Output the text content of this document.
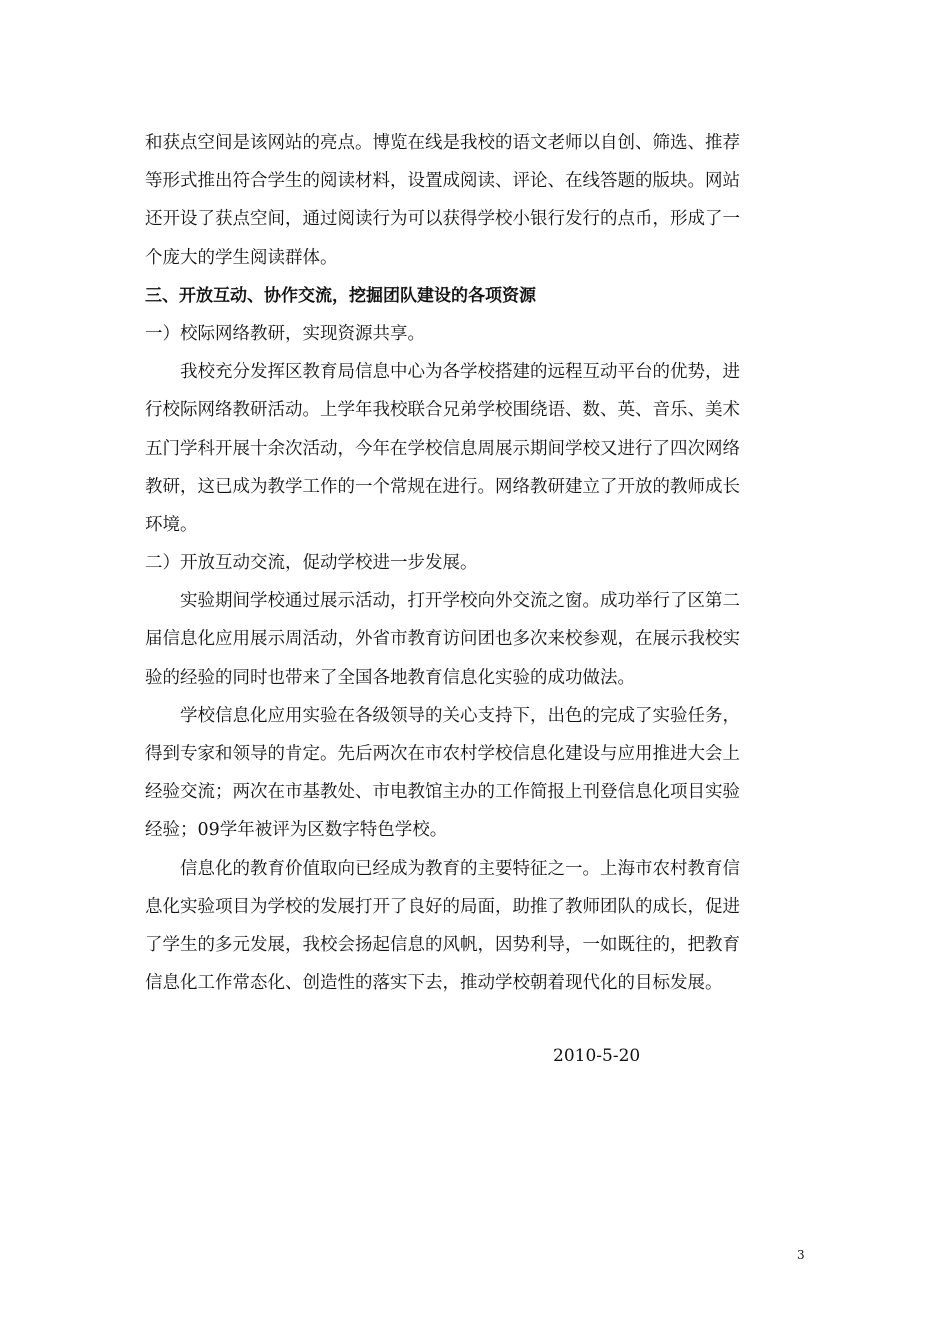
和获点空间是该网站的亮点。博览在线是我校的语文老师以自创、筛选、推荐
等形式推出符合学生的阅读材料，设置成阅读、评论、在线答题的版块。网站
还开设了获点空间，通过阅读行为可以获得学校小银行发行的点币，形成了一
个庞大的学生阅读群体。
三、开放互动、协作交流，挖掘团队建设的各项资源
一）校际网络教研，实现资源共享。
我校充分发挥区教育局信息中心为各学校搭建的远程互动平台的优势，进
行校际网络教研活动。上学年我校联合兄弟学校围绕语、数、英、音乐、美术
五门学科开展十余次活动，今年在学校信息周展示期间学校又进行了四次网络
教研，这已成为教学工作的一个常规在进行。网络教研建立了开放的教师成长
环境。
二）开放互动交流，促动学校进一步发展。
实验期间学校通过展示活动，打开学校向外交流之窗。成功举行了区第二
届信息化应用展示周活动，外省市教育访问团也多次来校参观，在展示我校实
验的经验的同时也带来了全国各地教育信息化实验的成功做法。
学校信息化应用实验在各级领导的关心支持下，出色的完成了实验任务，
得到专家和领导的肯定。先后两次在市农村学校信息化建设与应用推进大会上
经验交流；两次在市基教处、市电教馆主办的工作简报上刊登信息化项目实验
经验；09学年被评为区数字特色学校。
信息化的教育价值取向已经成为教育的主要特征之一。上海市农村教育信
息化实验项目为学校的发展打开了良好的局面，助推了教师团队的成长，促进
了学生的多元发展，我校会扬起信息的风帆，因势利导，一如既往的，把教育
信息化工作常态化、创造性的落实下去，推动学校朝着现代化的目标发展。
2010-5-20
3
